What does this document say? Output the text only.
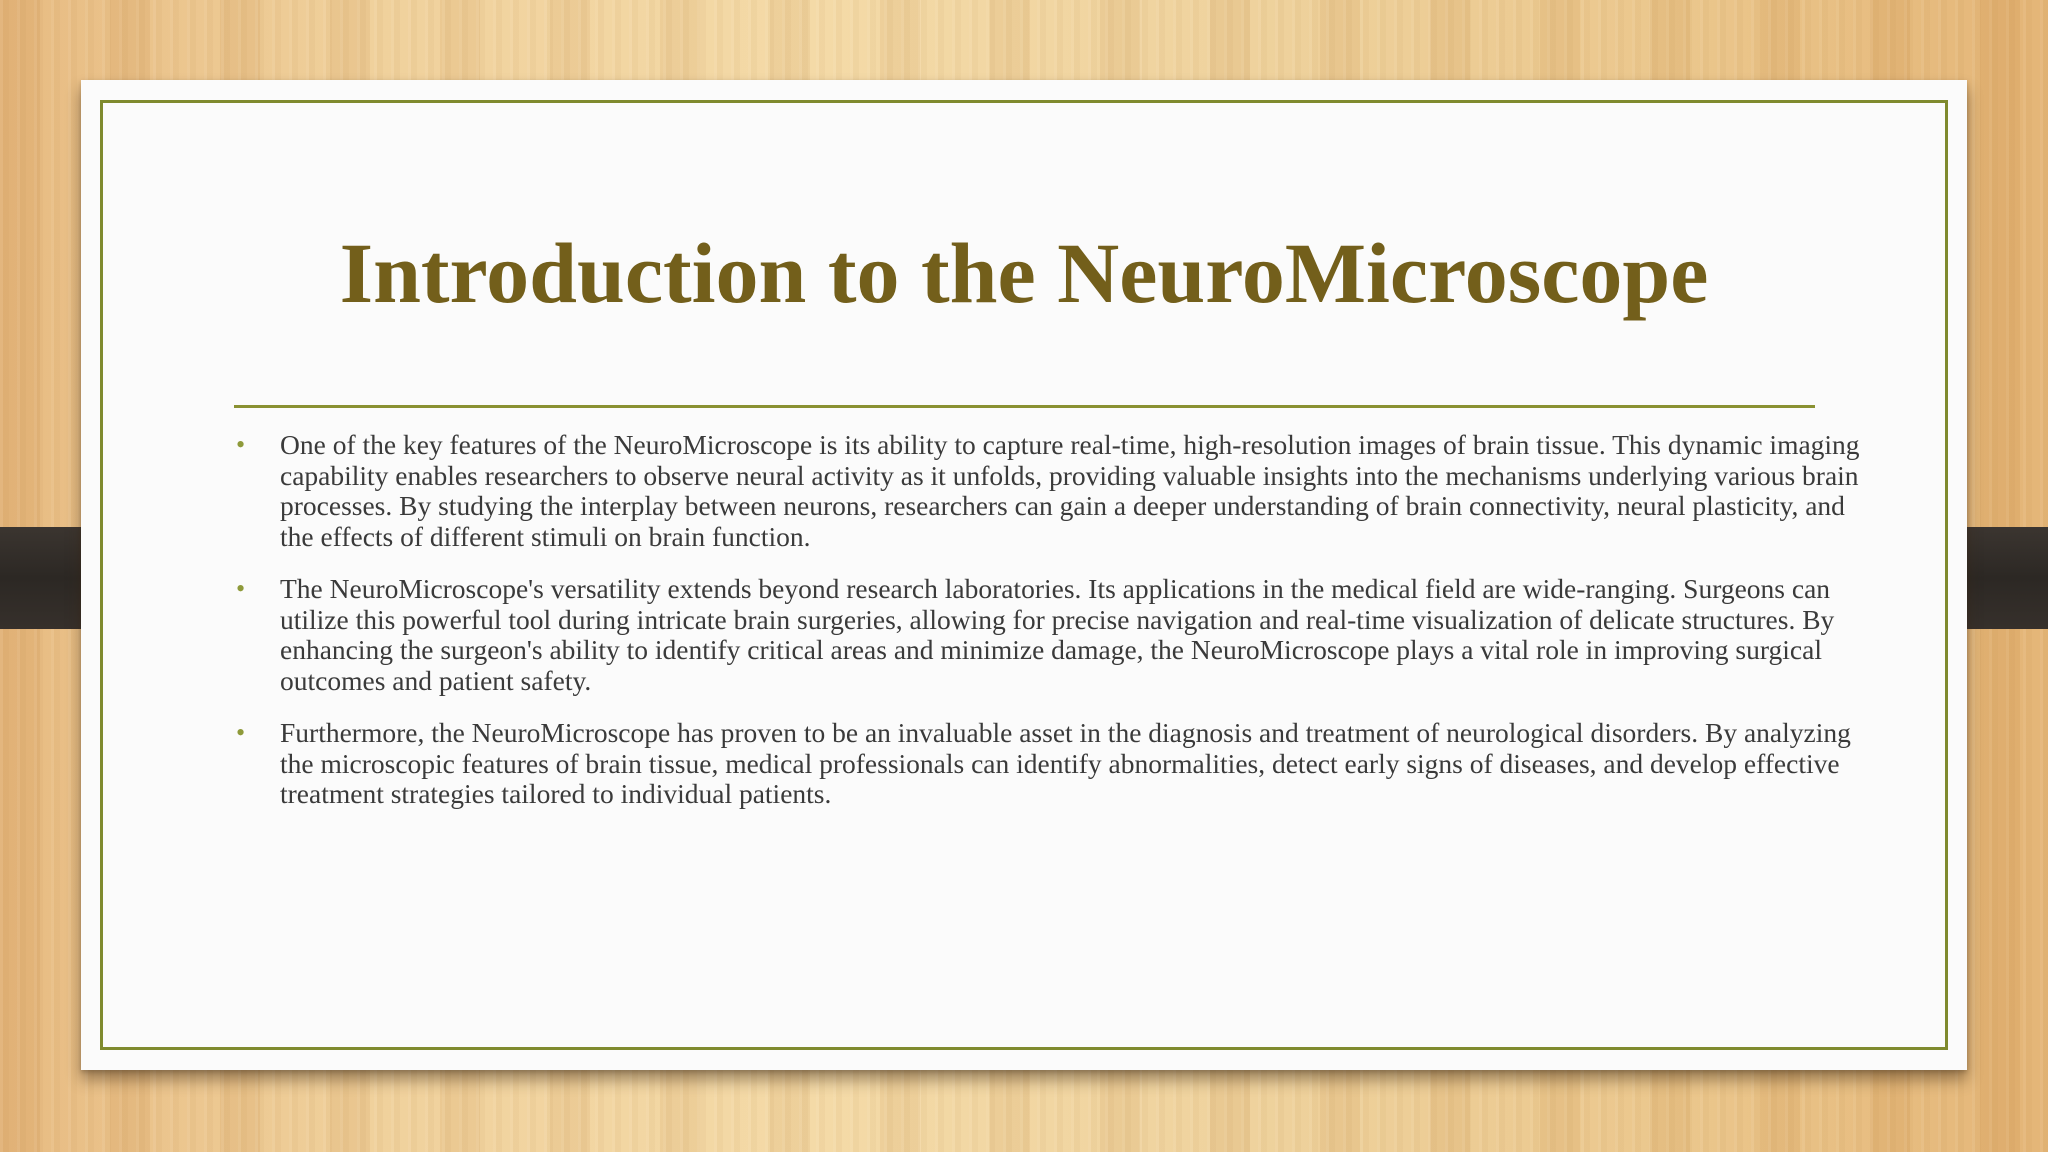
Introduction to the NeuroMicroscope
• One of the key features of the NeuroMicroscope is its ability to capture real-time, high-resolution images of brain tissue. This dynamic imaging capability enables researchers to observe neural activity as it unfolds, providing valuable insights into the mechanisms underlying various brain processes. By studying the interplay between neurons, researchers can gain a deeper understanding of brain connectivity, neural plasticity, and the effects of different stimuli on brain function.
• The NeuroMicroscope's versatility extends beyond research laboratories. Its applications in the medical field are wide-ranging. Surgeons can utilize this powerful tool during intricate brain surgeries, allowing for precise navigation and real-time visualization of delicate structures. By enhancing the surgeon's ability to identify critical areas and minimize damage, the NeuroMicroscope plays a vital role in improving surgical outcomes and patient safety.
• Furthermore, the NeuroMicroscope has proven to be an invaluable asset in the diagnosis and treatment of neurological disorders. By analyzing the microscopic features of brain tissue, medical professionals can identify abnormalities, detect early signs of diseases, and develop effective treatment strategies tailored to individual patients.
